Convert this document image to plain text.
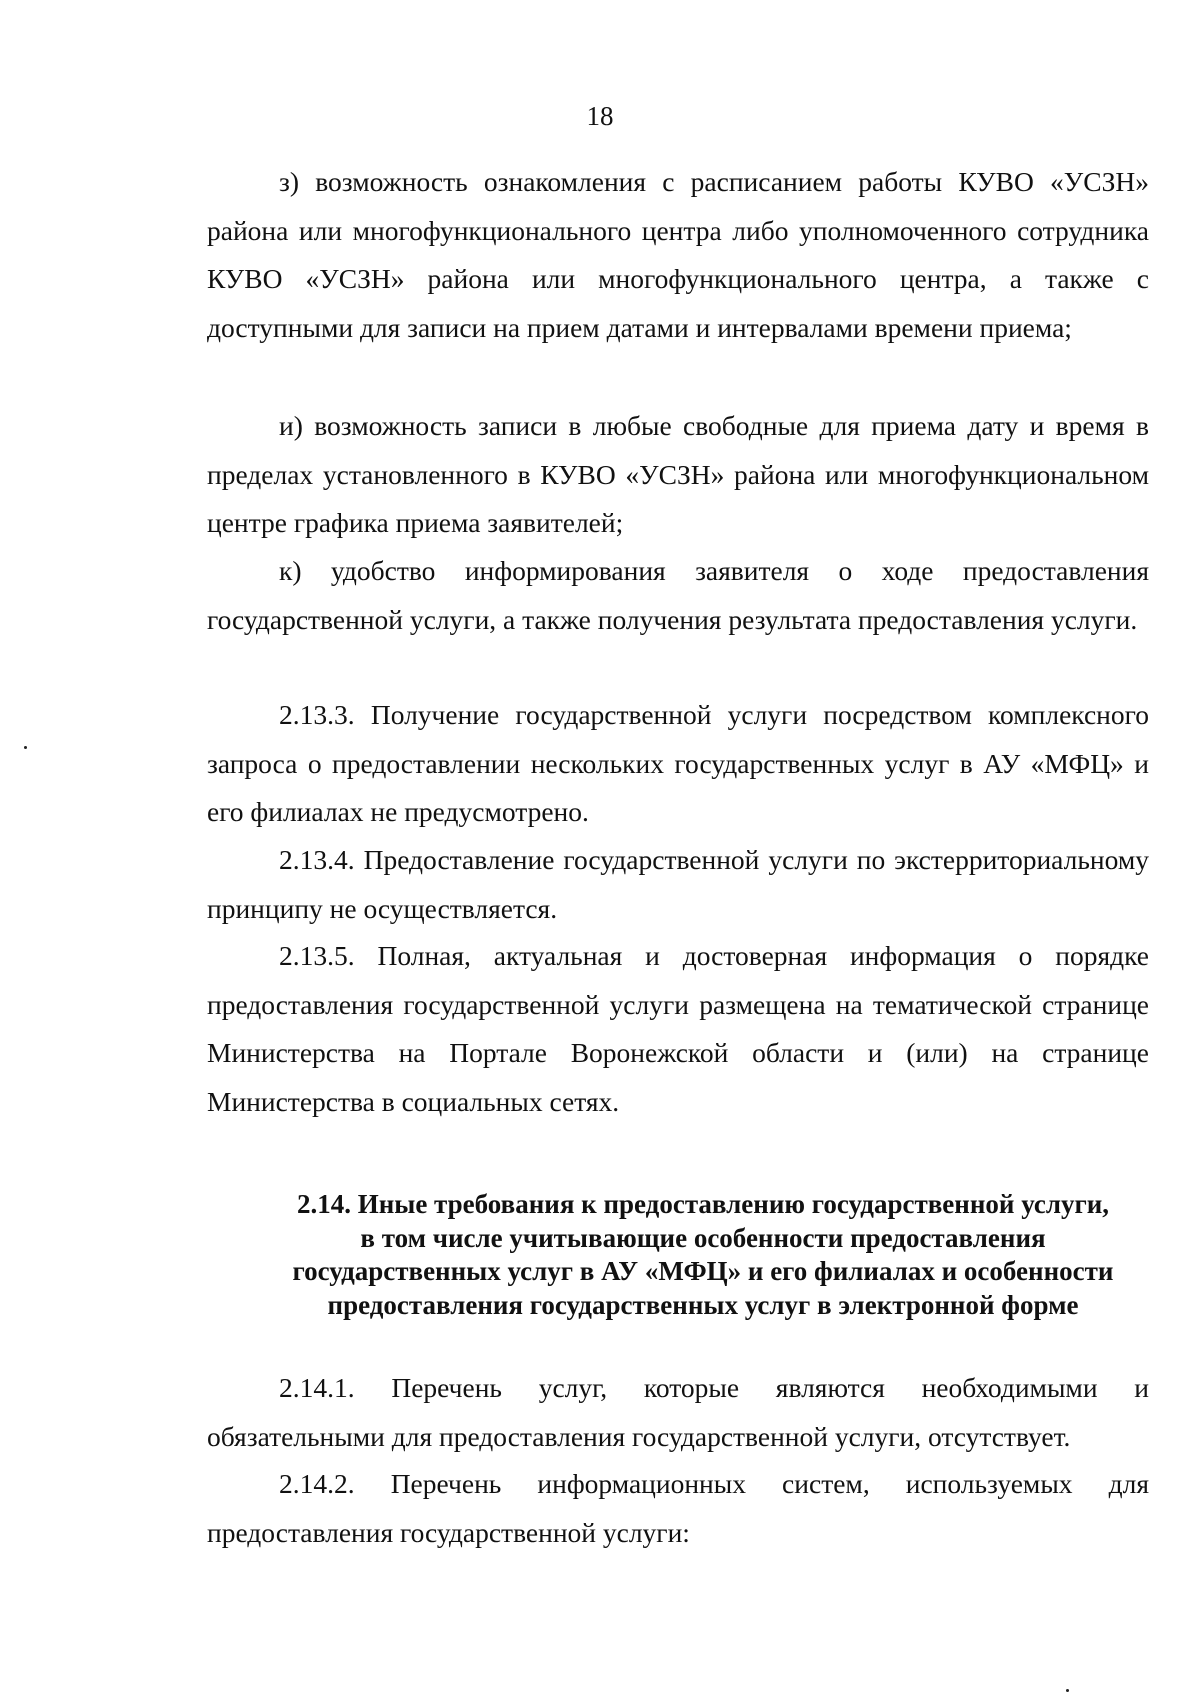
18

з) возможность ознакомления с расписанием работы КУВО «УСЗН» района или многофункционального центра либо уполномоченного сотрудника КУВО «УСЗН» района или многофункционального центра, а также с доступными для записи на прием датами и интервалами времени приема;

и) возможность записи в любые свободные для приема дату и время в пределах установленного в КУВО «УСЗН» района или многофункциональном центре графика приема заявителей;

к) удобство информирования заявителя о ходе предоставления государственной услуги, а также получения результата предоставления услуги.

2.13.3. Получение государственной услуги посредством комплексного запроса о предоставлении нескольких государственных услуг в АУ «МФЦ» и его филиалах не предусмотрено.

2.13.4. Предоставление государственной услуги по экстерриториальному принципу не осуществляется.

2.13.5. Полная, актуальная и достоверная информация о порядке предоставления государственной услуги размещена на тематической странице Министерства на Портале Воронежской области и (или) на странице Министерства в социальных сетях.

2.14. Иные требования к предоставлению государственной услуги,
в том числе учитывающие особенности предоставления
государственных услуг в АУ «МФЦ» и его филиалах и особенности
предоставления государственных услуг в электронной форме

2.14.1. Перечень услуг, которые являются необходимыми и обязательными для предоставления государственной услуги, отсутствует.

2.14.2. Перечень информационных систем, используемых для предоставления государственной услуги:
